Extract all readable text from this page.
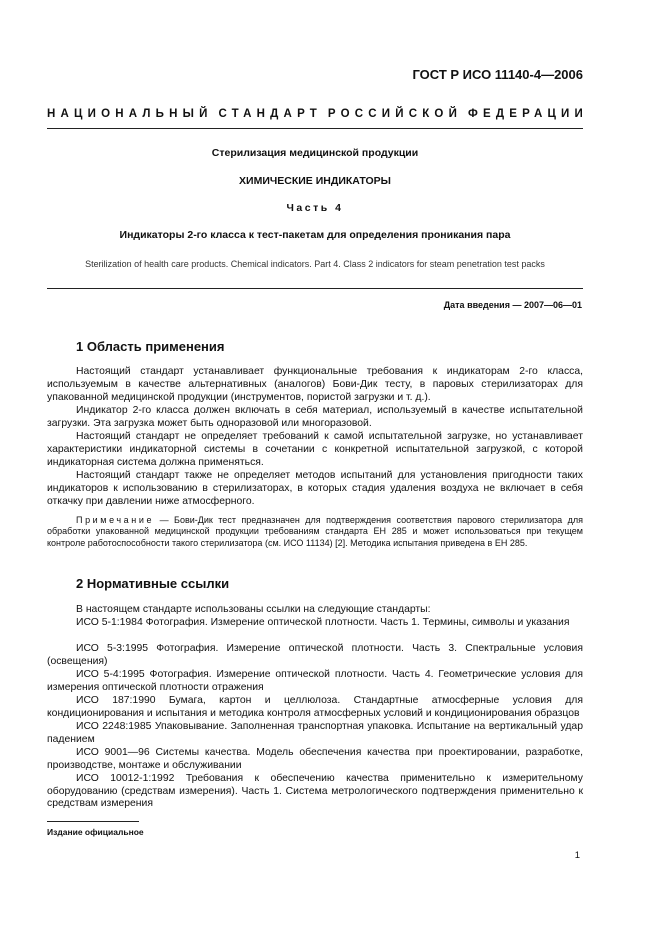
ГОСТ Р ИСО 11140-4—2006
НАЦИОНАЛЬНЫЙ СТАНДАРТ РОССИЙСКОЙ ФЕДЕРАЦИИ
Стерилизация медицинской продукции
ХИМИЧЕСКИЕ ИНДИКАТОРЫ
Часть 4
Индикаторы 2-го класса к тест-пакетам для определения проникания пара
Sterilization of health care products. Chemical indicators. Part 4. Class 2 indicators for steam penetration test packs
Дата введения — 2007—06—01
1 Область применения
Настоящий стандарт устанавливает функциональные требования к индикаторам 2-го класса, используемым в качестве альтернативных (аналогов) Бови-Дик тесту, в паровых стерилизаторах для упакованной медицинской продукции (инструментов, пористой загрузки и т. д.).
Индикатор 2-го класса должен включать в себя материал, используемый в качестве испытательной загрузки. Эта загрузка может быть одноразовой или многоразовой.
Настоящий стандарт не определяет требований к самой испытательной загрузке, но устанавливает характеристики индикаторной системы в сочетании с конкретной испытательной загрузкой, с которой индикаторная система должна применяться.
Настоящий стандарт также не определяет методов испытаний для установления пригодности таких индикаторов к использованию в стерилизаторах, в которых стадия удаления воздуха не включает в себя откачку при давлении ниже атмосферного.
Примечание — Бови-Дик тест предназначен для подтверждения соответствия парового стерилизатора для обработки упакованной медицинской продукции требованиям стандарта ЕН 285 и может использоваться при текущем контроле работоспособности такого стерилизатора (см. ИСО 11134) [2]. Методика испытания приведена в ЕН 285.
2 Нормативные ссылки
В настоящем стандарте использованы ссылки на следующие стандарты:
ИСО 5-1:1984 Фотография. Измерение оптической плотности. Часть 1. Термины, символы и указания
ИСО 5-3:1995 Фотография. Измерение оптической плотности. Часть 3. Спектральные условия (освещения)
ИСО 5-4:1995 Фотография. Измерение оптической плотности. Часть 4. Геометрические условия для измерения оптической плотности отражения
ИСО 187:1990 Бумага, картон и целлюлоза. Стандартные атмосферные условия для кондиционирования и испытания и методика контроля атмосферных условий и кондиционирования образцов
ИСО 2248:1985 Упаковывание. Заполненная транспортная упаковка. Испытание на вертикальный удар падением
ИСО 9001—96 Системы качества. Модель обеспечения качества при проектировании, разработке, производстве, монтаже и обслуживании
ИСО 10012-1:1992 Требования к обеспечению качества применительно к измерительному оборудованию (средствам измерения). Часть 1. Система метрологического подтверждения применительно к средствам измерения
Издание официальное
1
